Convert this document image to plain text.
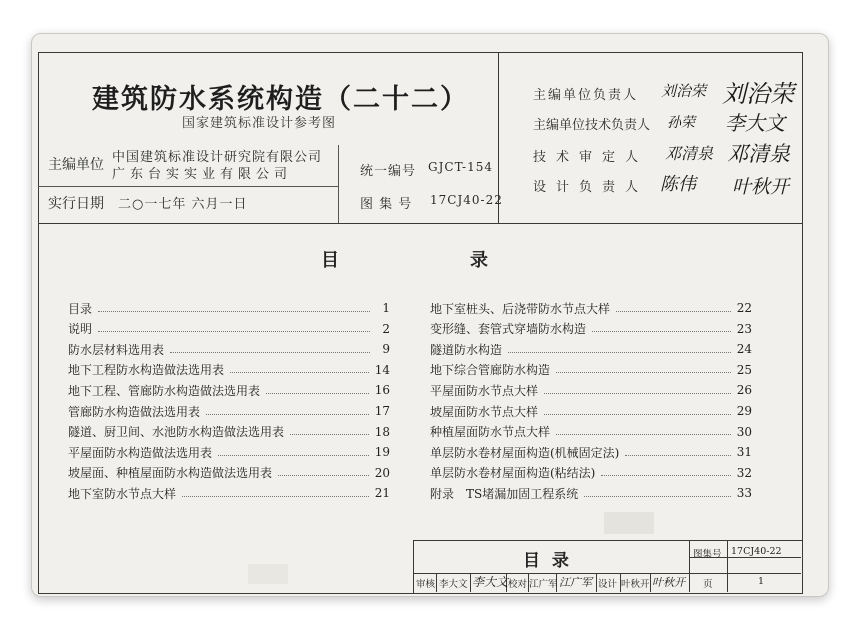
建筑防水系统构造（二十二）
国家建筑标准设计参考图
主编单位 中国建筑标准设计研究院有限公司
广东台实实业有限公司
实行日期 二○一七年 六月一日
统一编号 GJCT-154
图 集 号 17CJ40-22
主编单位负责人 刘治荣 刘治荣
主编单位技术负责人 孙荣 李大文
技术审定人 邓清泉 邓清泉
设计负责人 陈伟 叶秋开
目	录
目录	1
说明	2
防水层材料选用表	9
地下工程防水构造做法选用表	14
地下工程、管廊防水构造做法选用表	16
管廊防水构造做法选用表	17
隧道、厨卫间、水池防水构造做法选用表	18
平屋面防水构造做法选用表	19
坡屋面、种植屋面防水构造做法选用表	20
地下室防水节点大样	21
地下室桩头、后浇带防水节点大样	22
变形缝、套管式穿墙防水构造	23
隧道防水构造	24
地下综合管廊防水构造	25
平屋面防水节点大样	26
坡屋面防水节点大样	29
种植屋面防水节点大样	30
单层防水卷材屋面构造(机械固定法)	31
单层防水卷材屋面构造(粘结法)	32
附录　TS堵漏加固工程系统	33
目 录	图集号 17CJ40-22
审核 李大文 李大文 校对 江广军 江广军 设计 叶秋开 叶秋开 页	1
